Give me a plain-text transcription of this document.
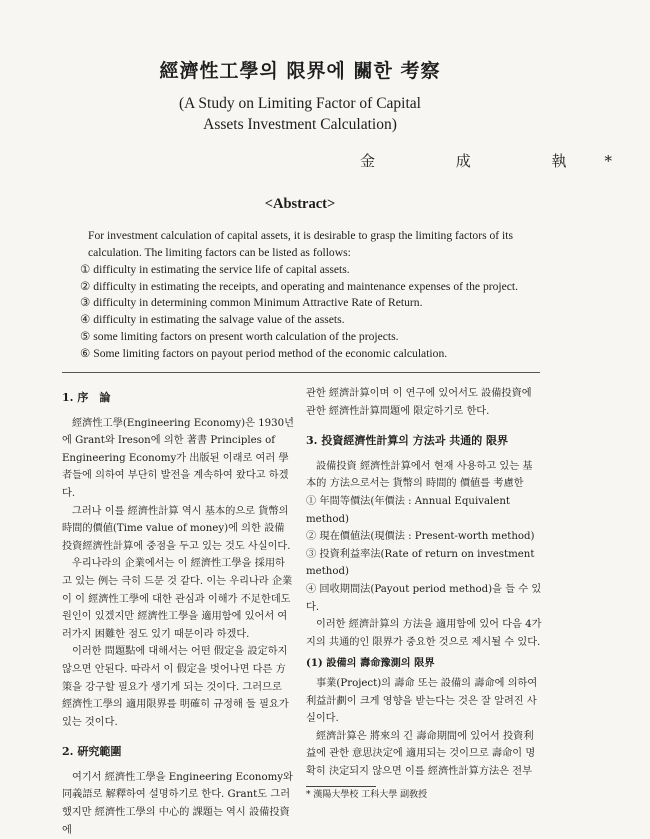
經濟性工學의 限界에 關한 考察
(A Study on Limiting Factor of Capital
Assets Investment Calculation)
金 成 執*
<Abstract>
For investment calculation of capital assets, it is desirable to grasp the limiting factors of its calculation. The limiting factors can be listed as follows:
① difficulty in estimating the service life of capital assets.
② difficulty in estimating the receipts, and operating and maintenance expenses of the project.
③ difficulty in determining common Minimum Attractive Rate of Return.
④ difficulty in estimating the salvage value of the assets.
⑤ some limiting factors on present worth calculation of the projects.
⑥ Some limiting factors on payout period method of the economic calculation.
1. 序　論

經濟性工學(Engineering Economy)은 1930년에 Grant와 Ireson에 의한 著書 Principles of Engineering Economy가 出版된 이래로 여러 學者들에 의하여 부단히 발전을 계속하여 왔다고 하겠다.

그러나 이를 經濟性計算 역시 基本的으로 貨幣의 時間的價値(Time value of money)에 의한 設備投資經濟性計算에 중점을 두고 있는 것도 사실이다.

우리나라의 企業에서는 이 經濟性工學을 採用하고 있는 例는 극히 드문 것 같다. 이는 우리나라 企業이 이 經濟性工學에 대한 관심과 이해가 不足한데도 원인이 있겠지만 經濟性工學을 適用함에 있어서 여러가지 困難한 점도 있기 때문이라 하겠다.

이러한 問題點에 대해서는 어떤 假定을 設定하지 않으면 안된다. 따라서 이 假定을 벗어나면 다른 方策을 강구할 필요가 생기게 되는 것이다. 그러므로 經濟性工學의 適用限界를 明確히 규정해 둘 필요가 있는 것이다.

2. 硏究範圍

여기서 經濟性工學을 Engineering Economy와 同義語로 解釋하여 설명하기로 한다. Grant도 그러했지만 經濟性工學의 中心的 課題는 역시 設備投資에

관한 經濟計算이며 이 연구에 있어서도 設備投資에 관한 經濟性計算問題에 限定하기로 한다.

3. 投資經濟性計算의 方法과 共通的 限界

設備投資 經濟性計算에서 현재 사용하고 있는 基本的 方法으로서는 貨幣의 時間的 價値를 考慮한

① 年間等價法(年價法 : Annual Equivalent method)

② 現在價値法(現價法 : Present-worth method)

③ 投資利益率法(Rate of return on investment method)

④ 回收期間法(Payout period method)을 들 수 있다.

이러한 經濟計算의 方法을 適用함에 있어 다음 4가지의 共通的인 限界가 중요한 것으로 제시될 수 있다.

(1) 設備의 壽命豫測의 限界

事業(Project)의 壽命 또는 設備의 壽命에 의하여 利益計劃이 크게 영향을 받는다는 것은 잘 알려진 사실이다.

經濟計算은 將來의 긴 壽命期間에 있어서 投資利益에 관한 意思決定에 適用되는 것이므로 壽命이 명확히 決定되지 않으면 이를 經濟性計算方法은 전부

* 漢陽大學校 工科大學 副敎授
